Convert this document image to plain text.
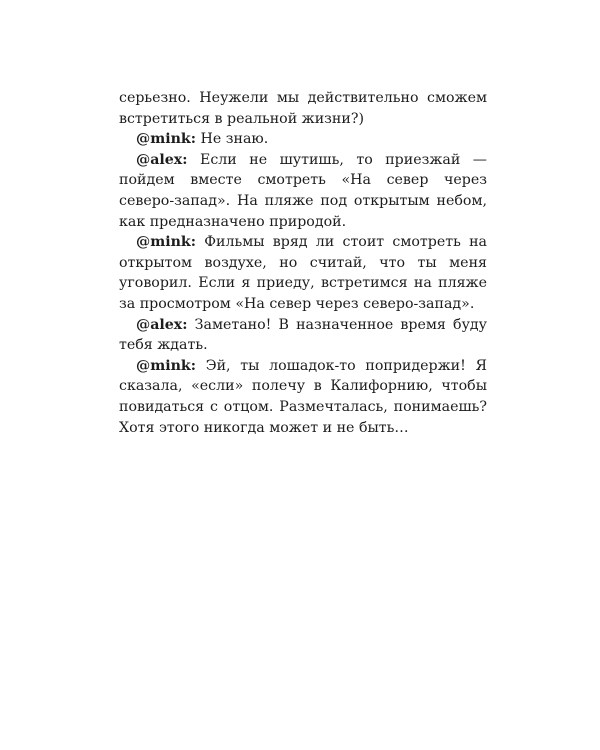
серьезно. Неужели мы действительно сможем встретиться в реальной жизни?)

@mink: Не знаю.

@alex: Если не шутишь, то приезжай — пойдем вместе смотреть «На север через северо-запад». На пляже под открытым небом, как предназначено природой.

@mink: Фильмы вряд ли стоит смотреть на открытом воздухе, но считай, что ты меня уговорил. Если я приеду, встретимся на пляже за просмотром «На север через северо-запад».

@alex: Заметано! В назначенное время буду тебя ждать.

@mink: Эй, ты лошадок-то попридержи! Я сказала, «если» полечу в Калифорнию, чтобы повидаться с отцом. Размечталась, понимаешь? Хотя этого никогда может и не быть…
